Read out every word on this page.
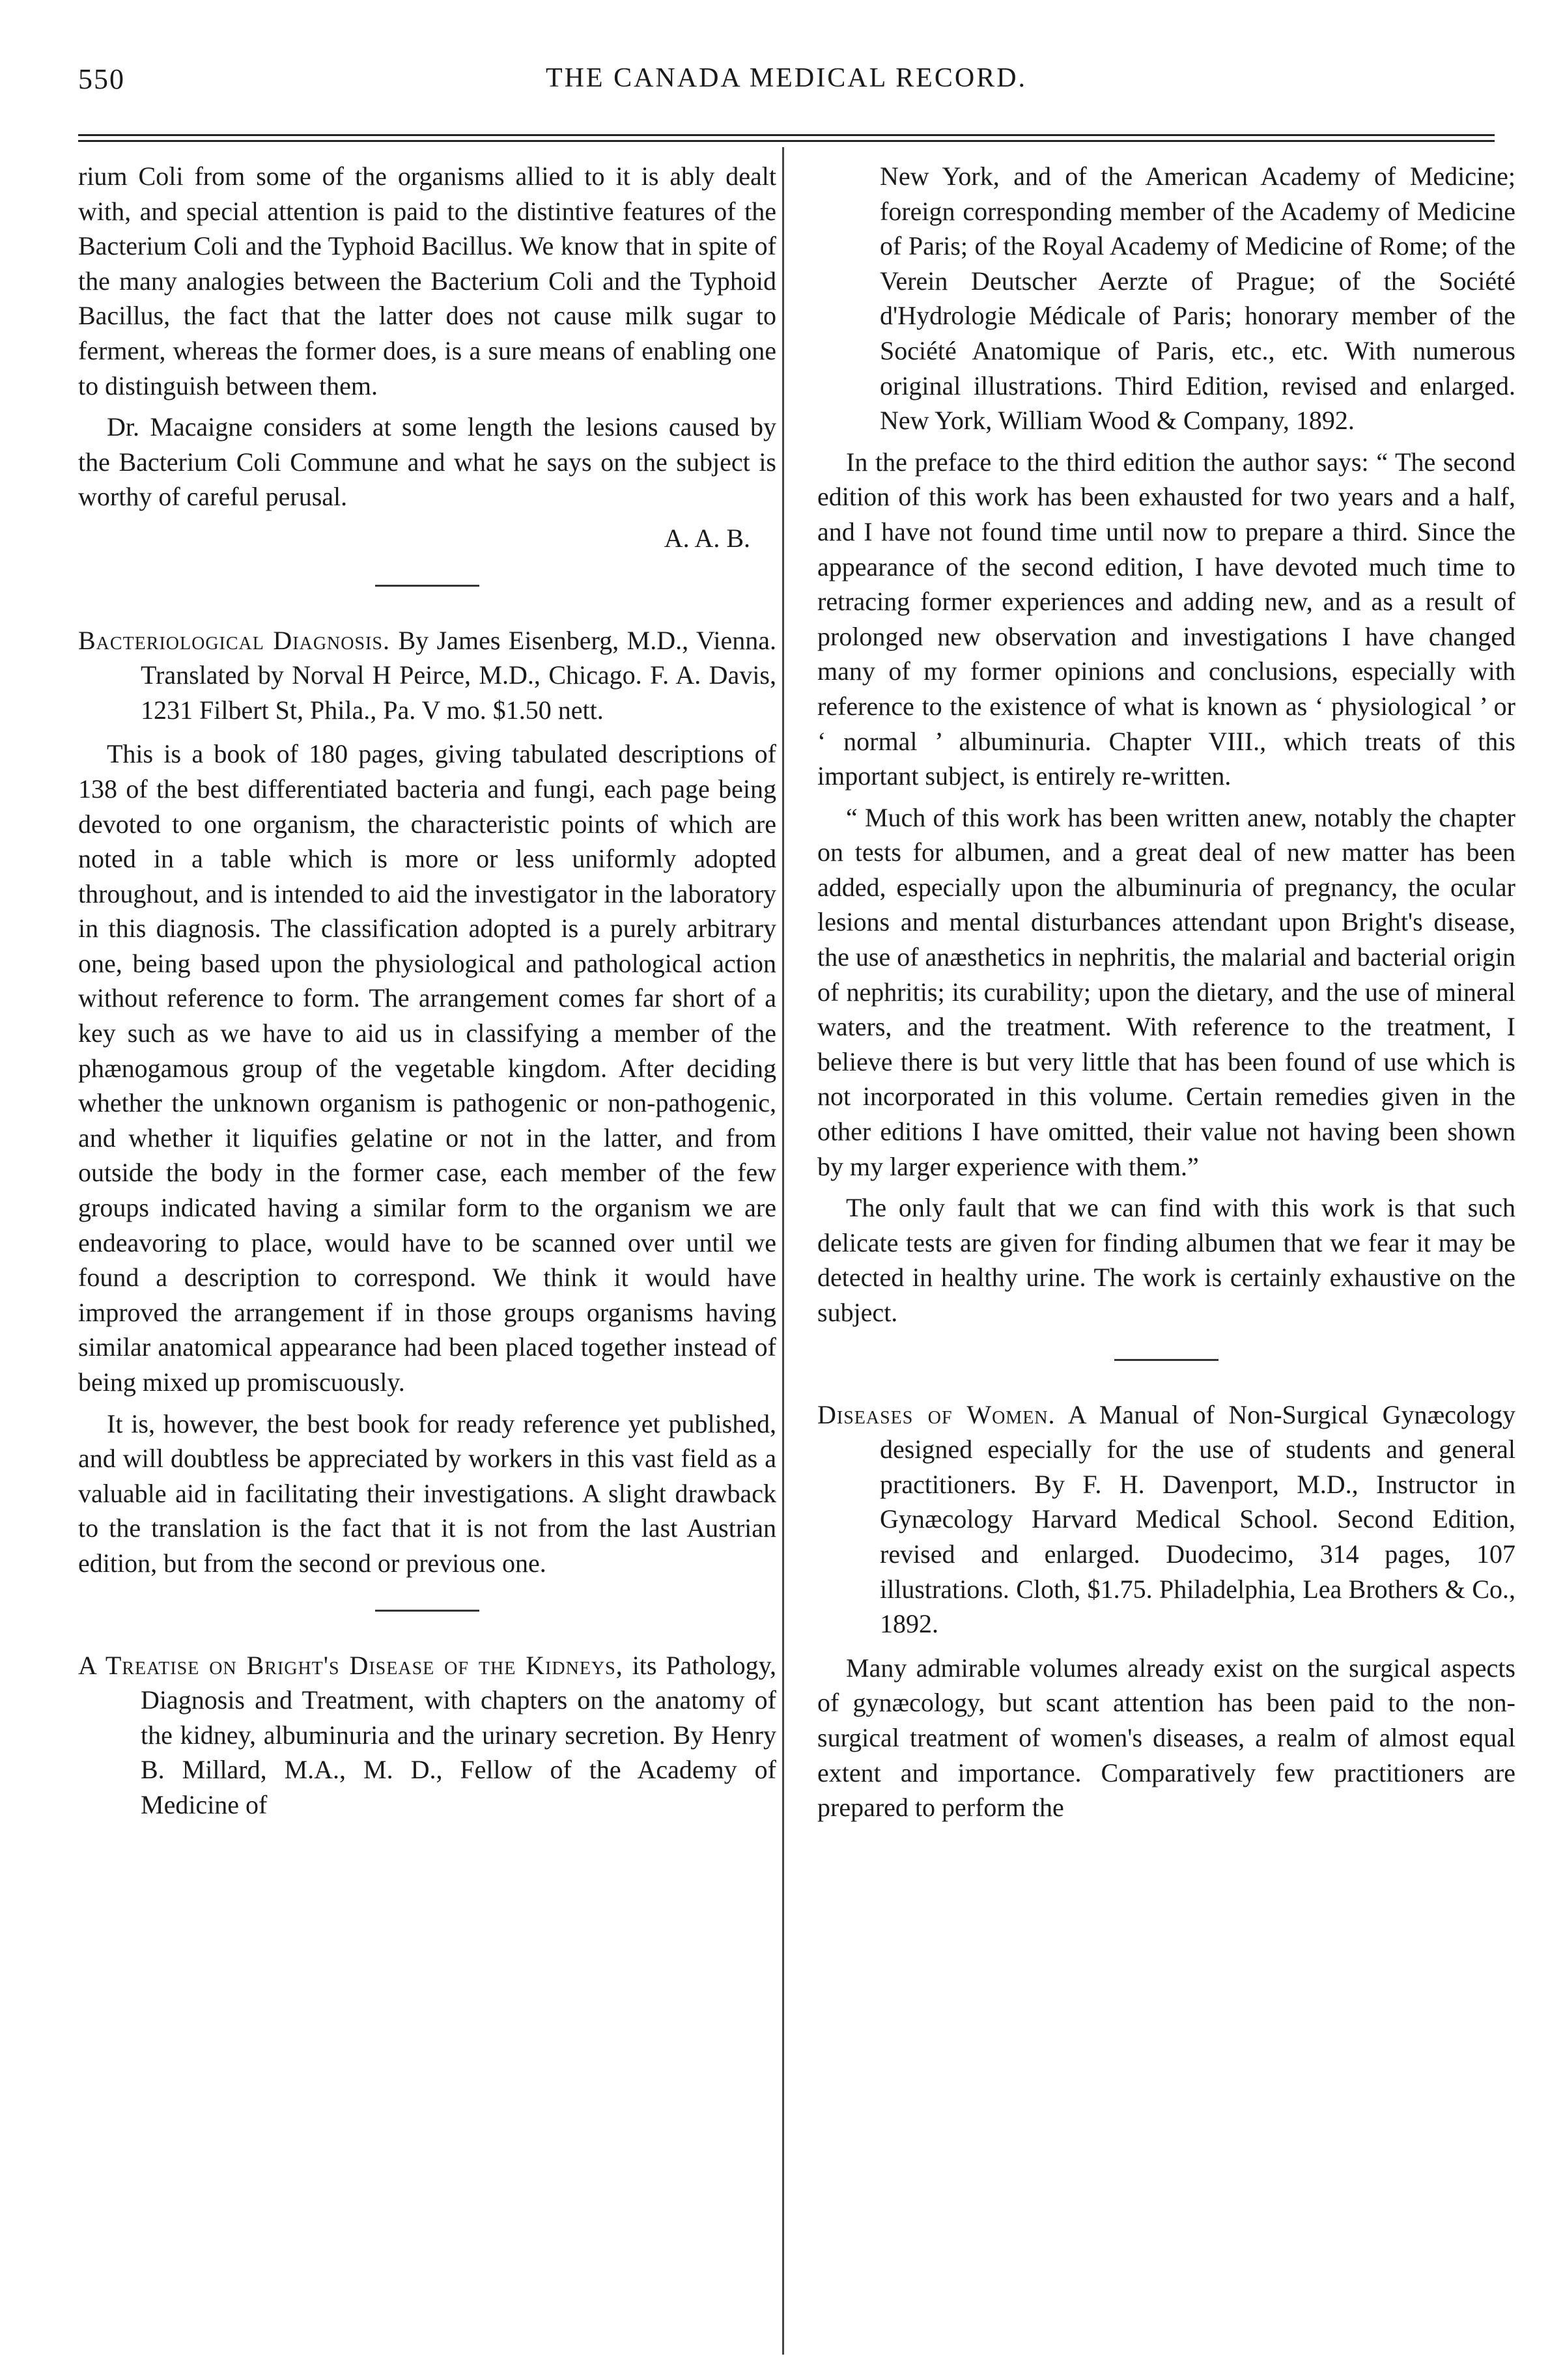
550	THE CANADA MEDICAL RECORD.

rium Coli from some of the organisms allied to it is ably dealt with, and special attention is paid to the distintive features of the Bacterium Coli and the Typhoid Bacillus. We know that in spite of the many analogies between the Bacterium Coli and the Typhoid Bacillus, the fact that the latter does not cause milk sugar to ferment, whereas the former does, is a sure means of enabling one to distinguish between them.

Dr. Macaigne considers at some length the lesions caused by the Bacterium Coli Commune and what he says on the subject is worthy of careful perusal.

A. A. B.
Bacteriological Diagnosis. By James Eisenberg, M.D., Vienna. Translated by Norval H Peirce, M.D., Chicago. F. A. Davis, 1231 Filbert St, Phila., Pa. V mo. $1.50 nett.

This is a book of 180 pages, giving tabulated descriptions of 138 of the best differentiated bacteria and fungi, each page being devoted to one organism, the characteristic points of which are noted in a table which is more or less uniformly adopted throughout, and is intended to aid the investigator in the laboratory in this diagnosis. The classification adopted is a purely arbitrary one, being based upon the physiological and pathological action without reference to form. The arrangement comes far short of a key such as we have to aid us in classifying a member of the phænogamous group of the vegetable kingdom. After deciding whether the unknown organism is pathogenic or non-pathogenic, and whether it liquifies gelatine or not in the latter, and from outside the body in the former case, each member of the few groups indicated having a similar form to the organism we are endeavoring to place, would have to be scanned over until we found a description to correspond. We think it would have improved the arrangement if in those groups organisms having similar anatomical appearance had been placed together instead of being mixed up promiscuously.

It is, however, the best book for ready reference yet published, and will doubtless be appreciated by workers in this vast field as a valuable aid in facilitating their investigations. A slight drawback to the translation is the fact that it is not from the last Austrian edition, but from the second or previous one.

A Treatise on Bright's Disease of the Kidneys, its Pathology, Diagnosis and Treatment, with chapters on the anatomy of the kidney, albuminuria and the urinary secretion. By Henry B. Millard, M.A., M. D., Fellow of the Academy of Medicine of

New York, and of the American Academy of Medicine; foreign corresponding member of the Academy of Medicine of Paris; of the Royal Academy of Medicine of Rome; of the Verein Deutscher Aerzte of Prague; of the Société d'Hydrologie Médicale of Paris; honorary member of the Société Anatomique of Paris, etc., etc. With numerous original illustrations. Third Edition, revised and enlarged. New York, William Wood & Company, 1892.

In the preface to the third edition the author says: “ The second edition of this work has been exhausted for two years and a half, and I have not found time until now to prepare a third. Since the appearance of the second edition, I have devoted much time to retracing former experiences and adding new, and as a result of prolonged new observation and investigations I have changed many of my former opinions and conclusions, especially with reference to the existence of what is known as ‘ physiological ’ or ‘ normal ’ albuminuria. Chapter VIII., which treats of this important subject, is entirely re-written.

“ Much of this work has been written anew, notably the chapter on tests for albumen, and a great deal of new matter has been added, especially upon the albuminuria of pregnancy, the ocular lesions and mental disturbances attendant upon Bright's disease, the use of anæsthetics in nephritis, the malarial and bacterial origin of nephritis; its curability; upon the dietary, and the use of mineral waters, and the treatment. With reference to the treatment, I believe there is but very little that has been found of use which is not incorporated in this volume. Certain remedies given in the other editions I have omitted, their value not having been shown by my larger experience with them.”

The only fault that we can find with this work is that such delicate tests are given for finding albumen that we fear it may be detected in healthy urine. The work is certainly exhaustive on the subject.

Diseases of Women. A Manual of Non-Surgical Gynæcology designed especially for the use of students and general practitioners. By F. H. Davenport, M.D., Instructor in Gynæcology Harvard Medical School. Second Edition, revised and enlarged. Duodecimo, 314 pages, 107 illustrations. Cloth, $1.75. Philadelphia, Lea Brothers & Co., 1892.

Many admirable volumes already exist on the surgical aspects of gynæcology, but scant attention has been paid to the non-surgical treatment of women's diseases, a realm of almost equal extent and importance. Comparatively few practitioners are prepared to perform the
